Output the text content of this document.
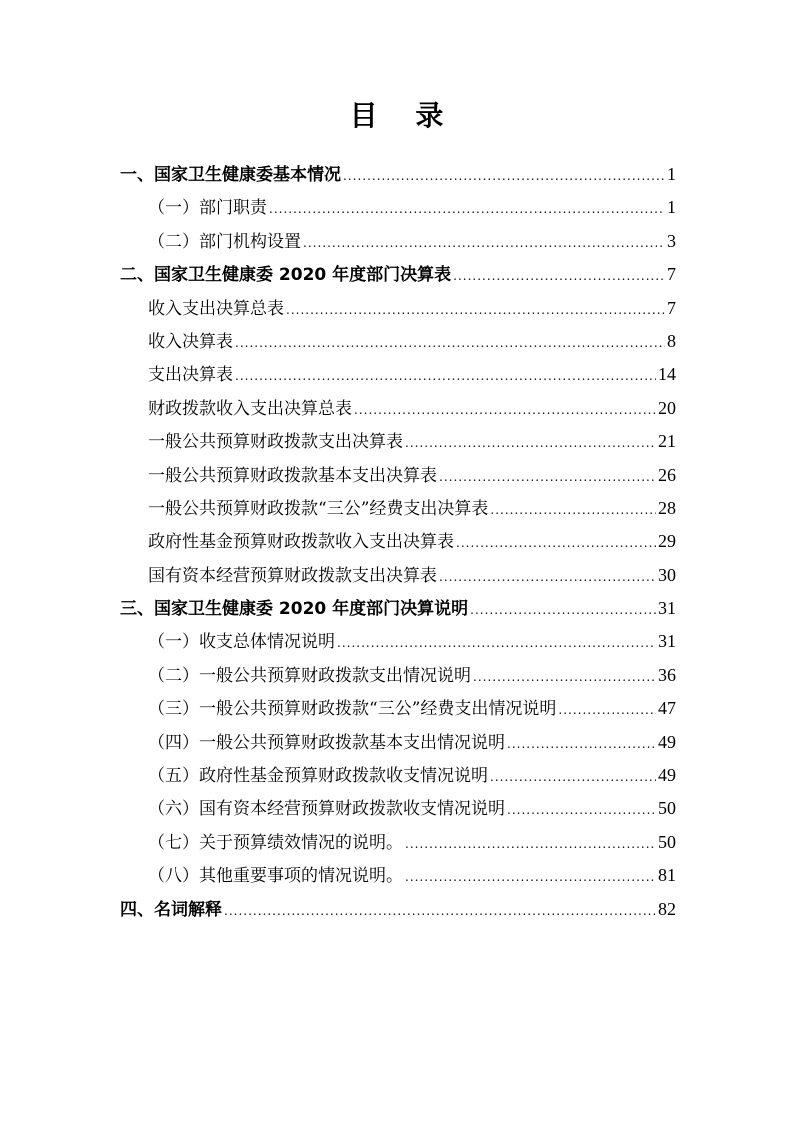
目 录
一、国家卫生健康委基本情况 .....	1
（一）部门职责 .....	1
（二）部门机构设置 .....	3
二、国家卫生健康委 2020 年度部门决算表 .....	7
收入支出决算总表 .....	7
收入决算表 .....	8
支出决算表 .....	14
财政拨款收入支出决算总表 .....	20
一般公共预算财政拨款支出决算表 .....	21
一般公共预算财政拨款基本支出决算表 .....	26
一般公共预算财政拨款“三公”经费支出决算表 .....	28
政府性基金预算财政拨款收入支出决算表 .....	29
国有资本经营预算财政拨款支出决算表 .....	30
三、国家卫生健康委 2020 年度部门决算说明 .....	31
（一）收支总体情况说明 .....	31
（二）一般公共预算财政拨款支出情况说明 .....	36
（三）一般公共预算财政拨款“三公”经费支出情况说明 .....	47
（四）一般公共预算财政拨款基本支出情况说明 .....	49
（五）政府性基金预算财政拨款收支情况说明 .....	49
（六）国有资本经营预算财政拨款收支情况说明 .....	50
（七）关于预算绩效情况的说明。 .....	50
（八）其他重要事项的情况说明。 .....	81
四、名词解释 .....	82
